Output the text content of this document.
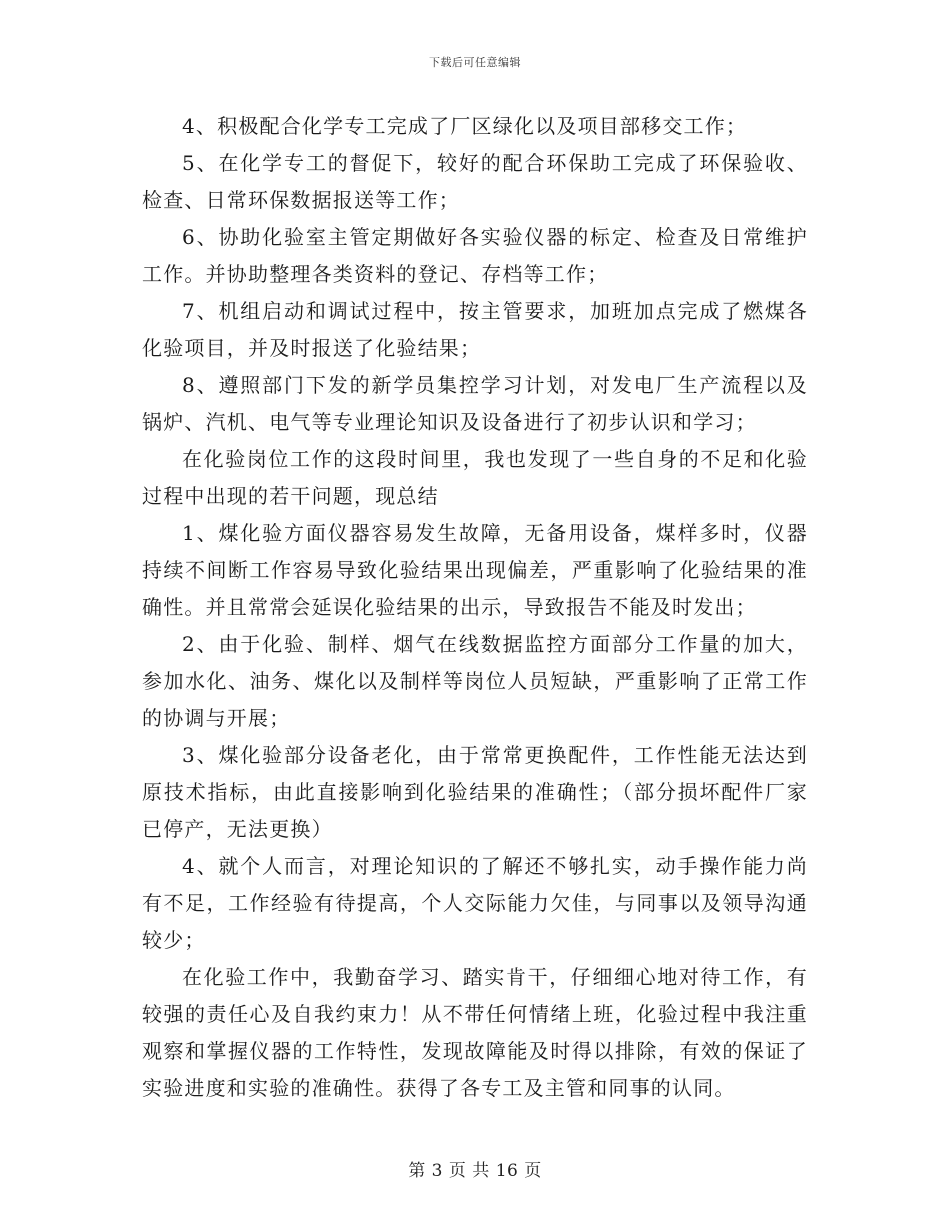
下载后可任意编辑

4、积极配合化学专工完成了厂区绿化以及项目部移交工作；

5、在化学专工的督促下，较好的配合环保助工完成了环保验收、检查、日常环保数据报送等工作；

6、协助化验室主管定期做好各实验仪器的标定、检查及日常维护工作。并协助整理各类资料的登记、存档等工作；

7、机组启动和调试过程中，按主管要求，加班加点完成了燃煤各化验项目，并及时报送了化验结果；

8、遵照部门下发的新学员集控学习计划，对发电厂生产流程以及锅炉、汽机、电气等专业理论知识及设备进行了初步认识和学习；

在化验岗位工作的这段时间里，我也发现了一些自身的不足和化验过程中出现的若干问题，现总结

1、煤化验方面仪器容易发生故障，无备用设备，煤样多时，仪器持续不间断工作容易导致化验结果出现偏差，严重影响了化验结果的准确性。并且常常会延误化验结果的出示，导致报告不能及时发出；

2、由于化验、制样、烟气在线数据监控方面部分工作量的加大，参加水化、油务、煤化以及制样等岗位人员短缺，严重影响了正常工作的协调与开展；

3、煤化验部分设备老化，由于常常更换配件，工作性能无法达到原技术指标，由此直接影响到化验结果的准确性；（部分损坏配件厂家已停产，无法更换）

4、就个人而言，对理论知识的了解还不够扎实，动手操作能力尚有不足，工作经验有待提高，个人交际能力欠佳，与同事以及领导沟通较少；

在化验工作中，我勤奋学习、踏实肯干，仔细细心地对待工作，有较强的责任心及自我约束力！从不带任何情绪上班，化验过程中我注重观察和掌握仪器的工作特性，发现故障能及时得以排除，有效的保证了实验进度和实验的准确性。获得了各专工及主管和同事的认同。

第 3 页 共 16 页
